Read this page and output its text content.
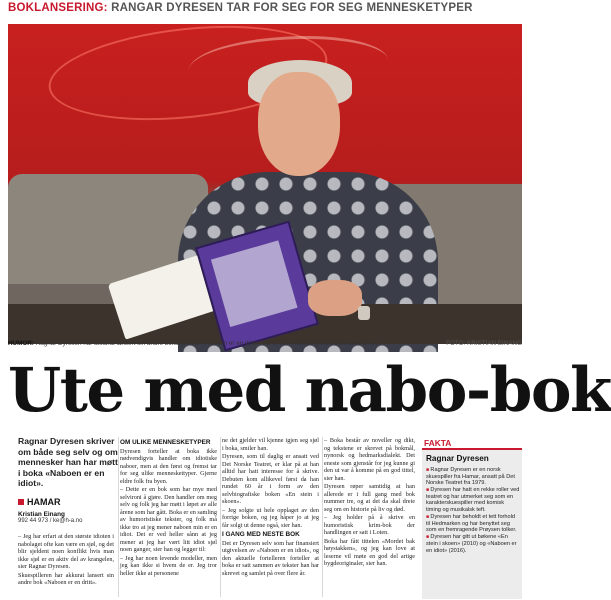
BOKLANSERING: RANGAR DYRESEN TAR FOR SEG FOR SEG MENNESKETYPER
HUMOR: Ragnar Dyresen har akkurat lansert sin andre bokutgivelse «Naboen er en dritt». Nå er han i full gang med bok nummer tre.	FOTO: KRISTIAN EINANG
Ute med nabo-bok
Ragnar Dyresen skriver om både seg selv og om mennesker han har møtt i boka «Naboen er en idiot».
HAMAR
Kristian Einang
992 44 973 / ke@h-a.no

– Jeg har erfart at den største idioten i nabolaget ofte kan være en sjøl, og det blir sjeldent noen konflikt hvis man ikke sjøl er en aktiv del av krangelen, sier Ragnar Dyresen.

Skuespilleren har akkurat lansert sin andre bok «Naboen er en dritt».

OM ULIKE MENNESKETYPER

Dyresen forteller at boka ikke nødvendigvis handler om idiotiske naboer, men at den først og fremst tar for seg ulike menneskettyper. Gjerne eldre folk fra byen.

– Dette er en bok som har mye med selvironi å gjøre. Den handler om meg selv og folk jeg har møtt i løpet av alle årene som har gått. Boka er en samling av humoristiske tekster, og folk må ikke tro at jeg mener naboen min er en idiot. Det er ved heller sånn at jeg mener at jeg har vært litt idiot sjøl noen ganger, sier han og legger til:

– Jeg har noen levende modeller, men jeg kan ikke si hvem de er. Jeg tror heller ikke at personene

ne det gjelder vil kjenne igjen seg sjøl i boka, smiler han.

Dyresen, som til daglig er ansatt ved Det Norske Teatret, er klar på at han alltid har hatt interesse for å skrive. Debuten kom allikevel først da han rundet 60 år i form av den selvbiografiske boken «En stein i skoen».

– Jeg solgte ut hele opplaget av den forrige boken, og jeg håper jo at jeg får solgt ut denne også, sier han.

I GANG MED NESTE BOK

Det er Dyresen selv som har finansiert utgivelsen av «Naboen er en idiot», og den aktuelle fortelleren forteller at boka er satt sammen av tekster han har skrevet og samlet på over flere år.

– Boka består av noveller og dikt, og tekstene er skrevet på bokmål, nynorsk og hedmarksdialekt. Det eneste som gjenstår for jeg kunne gi den ut var å komme på en god tittel, sier han.

Dyresen røper samtidig at han allerede er i full gang med bok nummer tre, og at det da skal dreie seg om en historie på liv og død.

– Jeg holder på å skrive en humoristisk krim-bok der handlingen er satt i Loten.

Boka har fått tittelen «Mordet bak høystakken», og jeg kan love at leserne vil møte en god del artige bygdeoriginaler, sier han.

FAKTA
Ragnar Dyresen
■ Ragnar Dyresen er en norsk skuespiller fra Hamar, ansatt på Det Norske Teatret fra 1979.
■ Dyresen har hatt en rekke roller ved teatret og har utmerket seg som en karakterskuespiller med komisk timing og musikalsk teft.
■ Dyresen har beholdt et tett forhold til Hedmarken og har benyttet seg som en fremragende Prøysen tolker.
■ Dyresen har gitt ut bøkene «En stein i skoen» (2010) og «Naboen er en idiot» (2016).
